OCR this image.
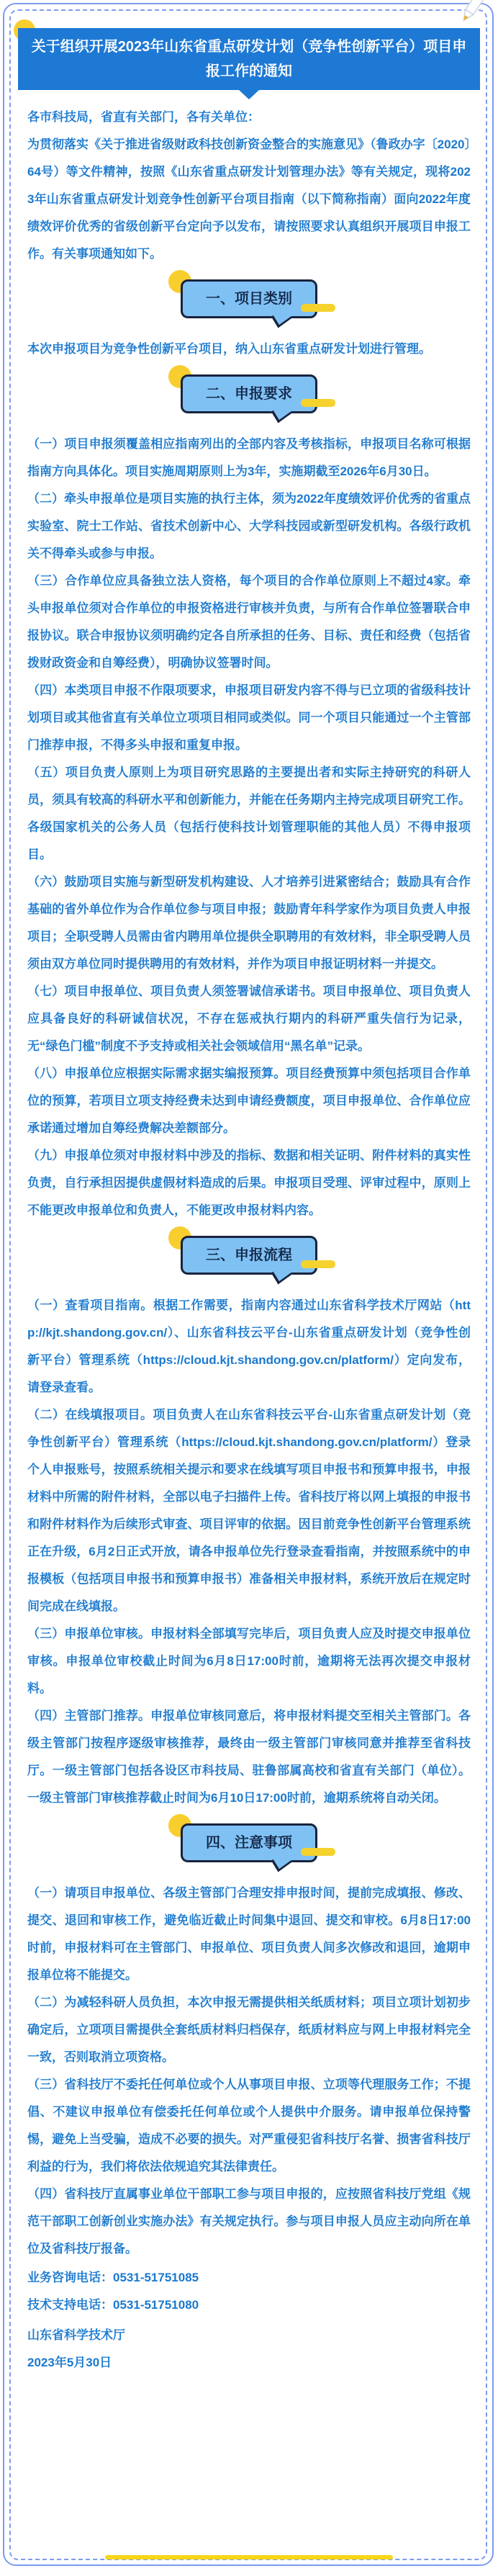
关于组织开展2023年山东省重点研发计划（竞争性创新平台）项目申报工作的通知

各市科技局，省直有关部门，各有关单位：

为贯彻落实《关于推进省级财政科技创新资金整合的实施意见》（鲁政办字〔2020〕64号）等文件精神，按照《山东省重点研发计划管理办法》等有关规定，现将2023年山东省重点研发计划竞争性创新平台项目指南（以下简称指南）面向2022年度绩效评价优秀的省级创新平台定向予以发布，请按照要求认真组织开展项目申报工作。有关事项通知如下。

一、项目类别

本次申报项目为竞争性创新平台项目，纳入山东省重点研发计划进行管理。

二、申报要求

（一）项目申报须覆盖相应指南列出的全部内容及考核指标，申报项目名称可根据指南方向具体化。项目实施周期原则上为3年，实施期截至2026年6月30日。

（二）牵头申报单位是项目实施的执行主体，须为2022年度绩效评价优秀的省重点实验室、院士工作站、省技术创新中心、大学科技园或新型研发机构。各级行政机关不得牵头或参与申报。

（三）合作单位应具备独立法人资格，每个项目的合作单位原则上不超过4家。牵头申报单位须对合作单位的申报资格进行审核并负责，与所有合作单位签署联合申报协议。联合申报协议须明确约定各自所承担的任务、目标、责任和经费（包括省拨财政资金和自筹经费），明确协议签署时间。

（四）本类项目申报不作限项要求，申报项目研发内容不得与已立项的省级科技计划项目或其他省直有关单位立项项目相同或类似。同一个项目只能通过一个主管部门推荐申报，不得多头申报和重复申报。

（五）项目负责人原则上为项目研究思路的主要提出者和实际主持研究的科研人员，须具有较高的科研水平和创新能力，并能在任务期内主持完成项目研究工作。各级国家机关的公务人员（包括行使科技计划管理职能的其他人员）不得申报项目。

（六）鼓励项目实施与新型研发机构建设、人才培养引进紧密结合；鼓励具有合作基础的省外单位作为合作单位参与项目申报；鼓励青年科学家作为项目负责人申报项目；全职受聘人员需由省内聘用单位提供全职聘用的有效材料，非全职受聘人员须由双方单位同时提供聘用的有效材料，并作为项目申报证明材料一并提交。

（七）项目申报单位、项目负责人须签署诚信承诺书。项目申报单位、项目负责人应具备良好的科研诚信状况，不存在惩戒执行期内的科研严重失信行为记录，无“绿色门槛”制度不予支持或相关社会领域信用“黑名单”记录。

（八）申报单位应根据实际需求据实编报预算。项目经费预算中须包括项目合作单位的预算，若项目立项支持经费未达到申请经费额度，项目申报单位、合作单位应承诺通过增加自筹经费解决差额部分。

（九）申报单位须对申报材料中涉及的指标、数据和相关证明、附件材料的真实性负责，自行承担因提供虚假材料造成的后果。申报项目受理、评审过程中，原则上不能更改申报单位和负责人，不能更改申报材料内容。

三、申报流程

（一）查看项目指南。根据工作需要，指南内容通过山东省科学技术厅网站（http://kjt.shandong.gov.cn/）、山东省科技云平台-山东省重点研发计划（竞争性创新平台）管理系统（https://cloud.kjt.shandong.gov.cn/platform/）定向发布，请登录查看。

（二）在线填报项目。项目负责人在山东省科技云平台-山东省重点研发计划（竞争性创新平台）管理系统（https://cloud.kjt.shandong.gov.cn/platform/）登录个人申报账号，按照系统相关提示和要求在线填写项目申报书和预算申报书，申报材料中所需的附件材料，全部以电子扫描件上传。省科技厅将以网上填报的申报书和附件材料作为后续形式审查、项目评审的依据。因目前竞争性创新平台管理系统正在升级，6月2日正式开放，请各申报单位先行登录查看指南，并按照系统中的申报模板（包括项目申报书和预算申报书）准备相关申报材料，系统开放后在规定时间完成在线填报。

（三）申报单位审核。申报材料全部填写完毕后，项目负责人应及时提交申报单位审核。申报单位审校截止时间为6月8日17:00时前，逾期将无法再次提交申报材料。

（四）主管部门推荐。申报单位审核同意后，将申报材料提交至相关主管部门。各级主管部门按程序逐级审核推荐，最终由一级主管部门审核同意并推荐至省科技厅。一级主管部门包括各设区市科技局、驻鲁部属高校和省直有关部门（单位）。一级主管部门审核推荐截止时间为6月10日17:00时前，逾期系统将自动关闭。

四、注意事项

（一）请项目申报单位、各级主管部门合理安排申报时间，提前完成填报、修改、提交、退回和审核工作，避免临近截止时间集中退回、提交和审校。6月8日17:00时前，申报材料可在主管部门、申报单位、项目负责人间多次修改和退回，逾期申报单位将不能提交。

（二）为减轻科研人员负担，本次申报无需提供相关纸质材料；项目立项计划初步确定后，立项项目需提供全套纸质材料归档保存，纸质材料应与网上申报材料完全一致，否则取消立项资格。

（三）省科技厅不委托任何单位或个人从事项目申报、立项等代理服务工作；不提倡、不建议申报单位有偿委托任何单位或个人提供中介服务。请申报单位保持警惕，避免上当受骗，造成不必要的损失。对严重侵犯省科技厅名誉、损害省科技厅利益的行为，我们将依法依规追究其法律责任。

（四）省科技厅直属事业单位干部职工参与项目申报的，应按照省科技厅党组《规范干部职工创新创业实施办法》有关规定执行。参与项目申报人员应主动向所在单位及省科技厅报备。

业务咨询电话：0531-51751085

技术支持电话：0531-51751080

山东省科学技术厅

2023年5月30日
